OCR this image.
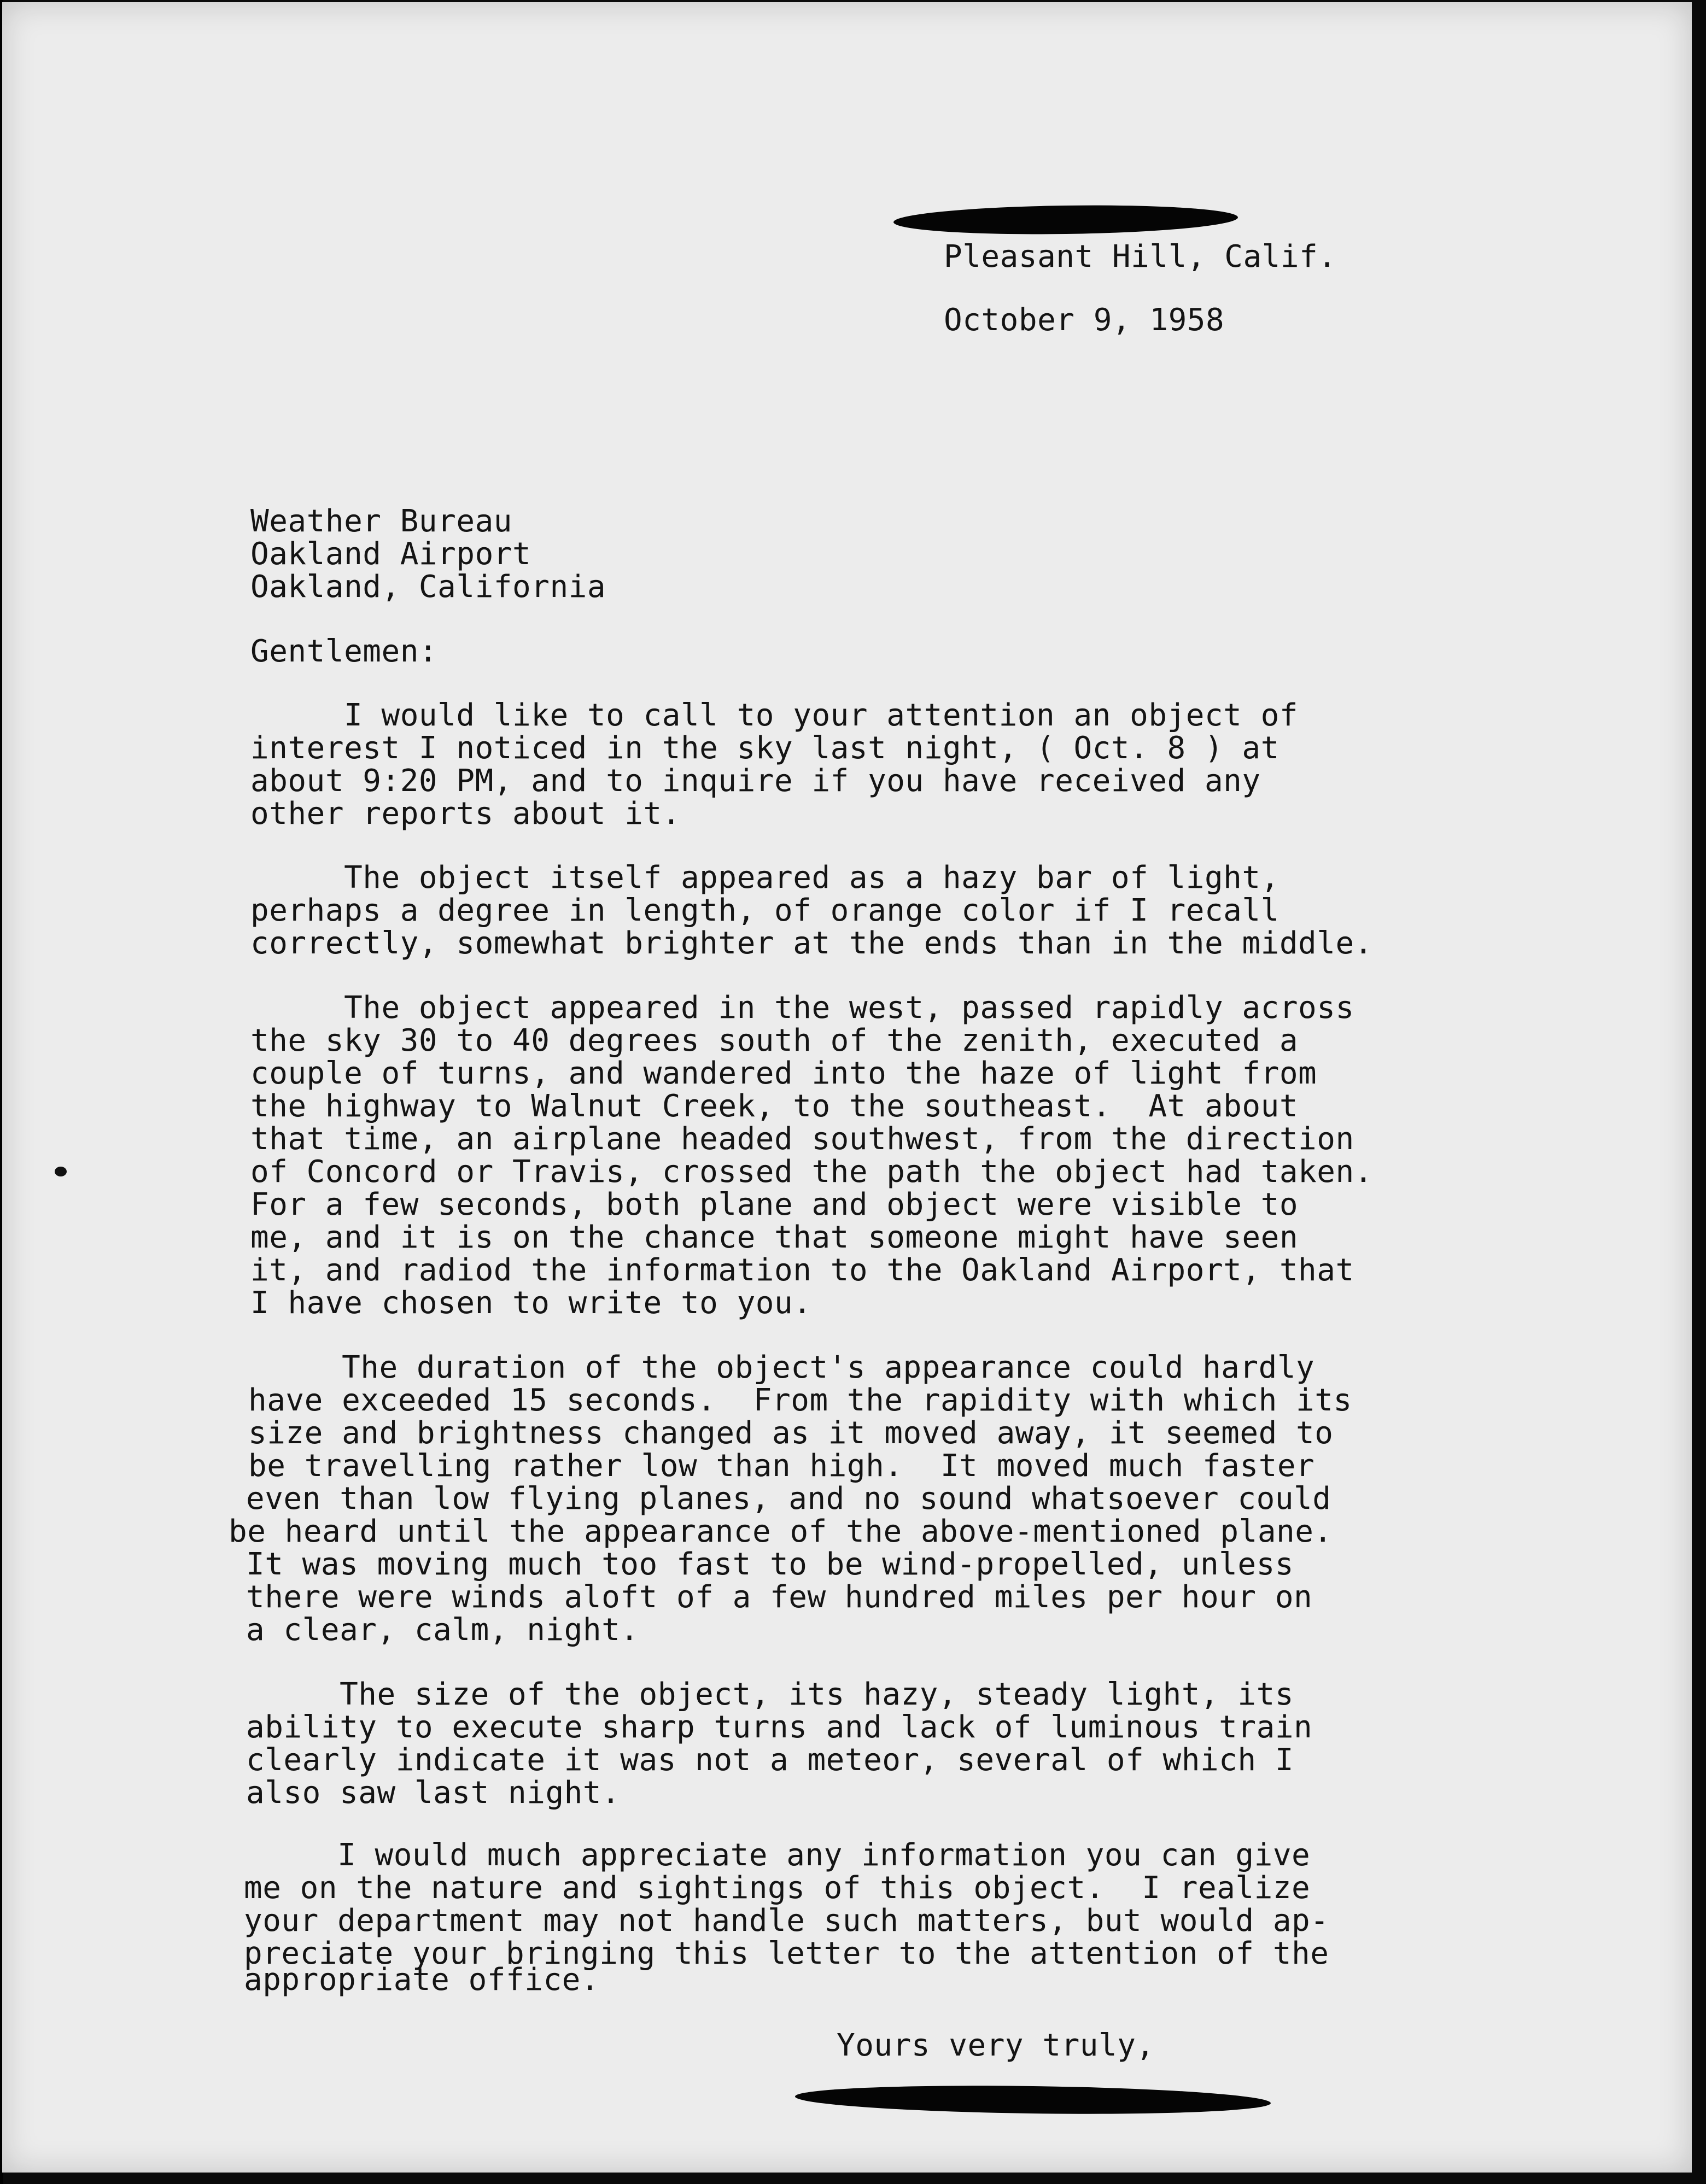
Pleasant Hill, Calif.
October 9, 1958
Weather Bureau
Oakland Airport
Oakland, California
Gentlemen:
I would like to call to your attention an object of
interest I noticed in the sky last night, ( Oct. 8 ) at
about 9:20 PM, and to inquire if you have received any
other reports about it.
The object itself appeared as a hazy bar of light,
perhaps a degree in length, of orange color if I recall
correctly, somewhat brighter at the ends than in the middle.
The object appeared in the west, passed rapidly across
the sky 30 to 40 degrees south of the zenith, executed a
couple of turns, and wandered into the haze of light from
the highway to Walnut Creek, to the southeast.  At about
that time, an airplane headed southwest, from the direction
of Concord or Travis, crossed the path the object had taken.
For a few seconds, both plane and object were visible to
me, and it is on the chance that someone might have seen
it, and radiod the information to the Oakland Airport, that
I have chosen to write to you.
The duration of the object's appearance could hardly
have exceeded 15 seconds.  From the rapidity with which its
size and brightness changed as it moved away, it seemed to
be travelling rather low than high.  It moved much faster
even than low flying planes, and no sound whatsoever could
be heard until the appearance of the above-mentioned plane.
It was moving much too fast to be wind-propelled, unless
there were winds aloft of a few hundred miles per hour on
a clear, calm, night.
The size of the object, its hazy, steady light, its
ability to execute sharp turns and lack of luminous train
clearly indicate it was not a meteor, several of which I
also saw last night.
I would much appreciate any information you can give
me on the nature and sightings of this object.  I realize
your department may not handle such matters, but would ap-
preciate your bringing this letter to the attention of the
appropriate office.
Yours very truly,
